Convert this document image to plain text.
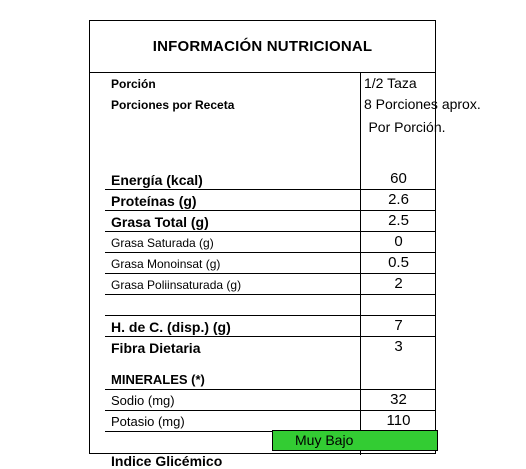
INFORMACIÓN NUTRICIONAL
Porción	1/2 Taza
Porciones por Receta	8 Porciones aprox.
Por Porción.
Energía (kcal)	60
Proteínas (g)	2.6
Grasa Total (g)	2.5
Grasa Saturada (g)	0
Grasa Monoinsat (g)	0.5
Grasa Poliinsaturada (g)	2
H. de C. (disp.) (g)	7
Fibra Dietaria	3
MINERALES (*)
Sodio (mg)	32
Potasio (mg)	110
Indice Glicémico
Muy Bajo
